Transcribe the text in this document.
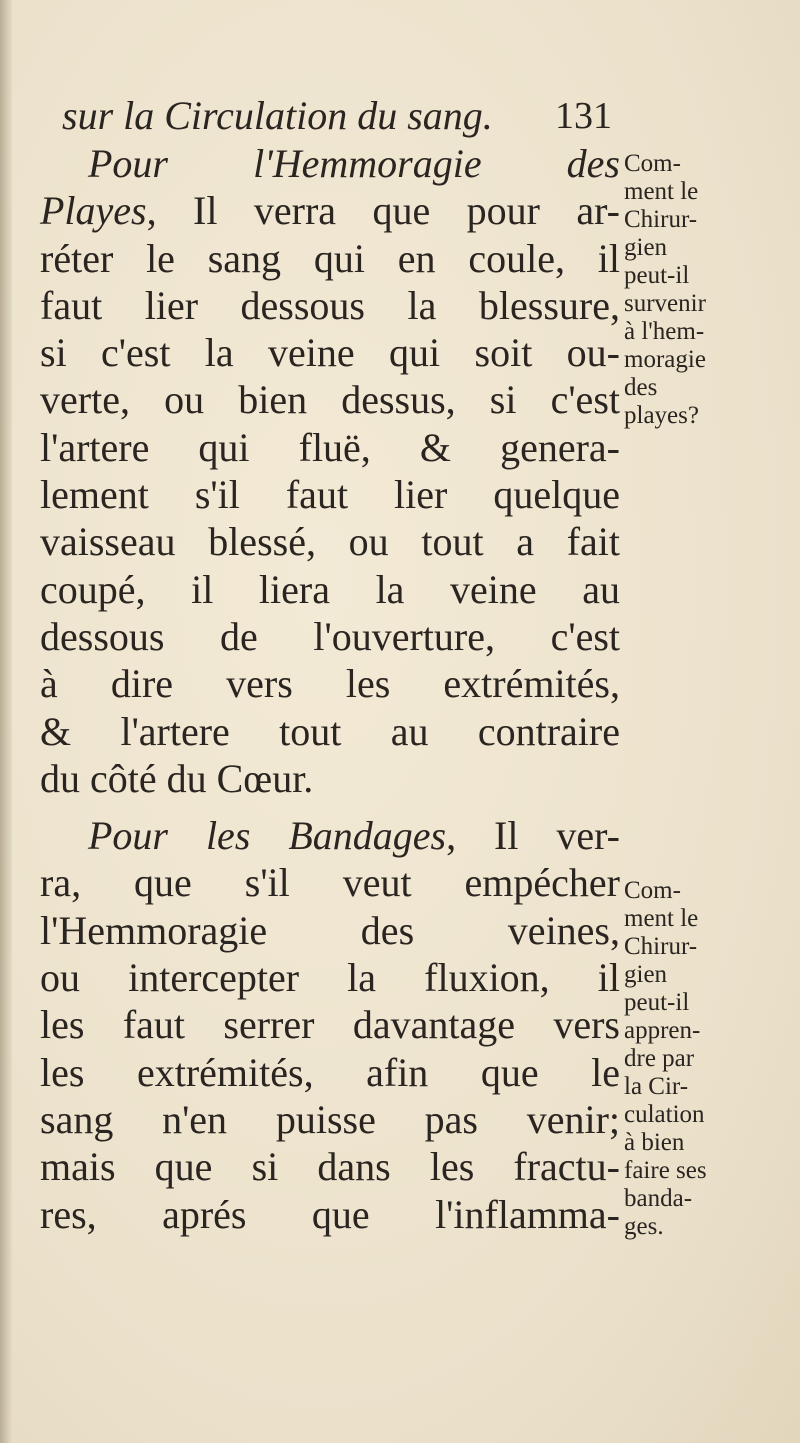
sur la Circulation du sang. 131
Pour l'Hemmoragie des
Playes, Il verra que pour ar-
réter le sang qui en coule, il
faut lier dessous la blessure,
si c'est la veine qui soit ou-
verte, ou bien dessus, si c'est
l'artere qui fluë, & genera-
lement s'il faut lier quelque
vaisseau blessé, ou tout a fait
coupé, il liera la veine au
dessous de l'ouverture, c'est
à dire vers les extrémités,
& l'artere tout au contraire
du côté du Cœur.
Pour les Bandages, Il ver-
ra, que s'il veut empécher
l'Hemmoragie des veines,
ou intercepter la fluxion, il
les faut serrer davantage vers
les extrémités, afin que le
sang n'en puisse pas venir;
mais que si dans les fractu-
res, aprés que l'inflamma-
Com-
ment le
Chirur-
gien
peut-il
survenir
à l'hem-
moragie
des
playes?
Com-
ment le
Chirur-
gien
peut-il
appren-
dre par
la Cir-
culation
à bien
faire ses
banda-
ges.
